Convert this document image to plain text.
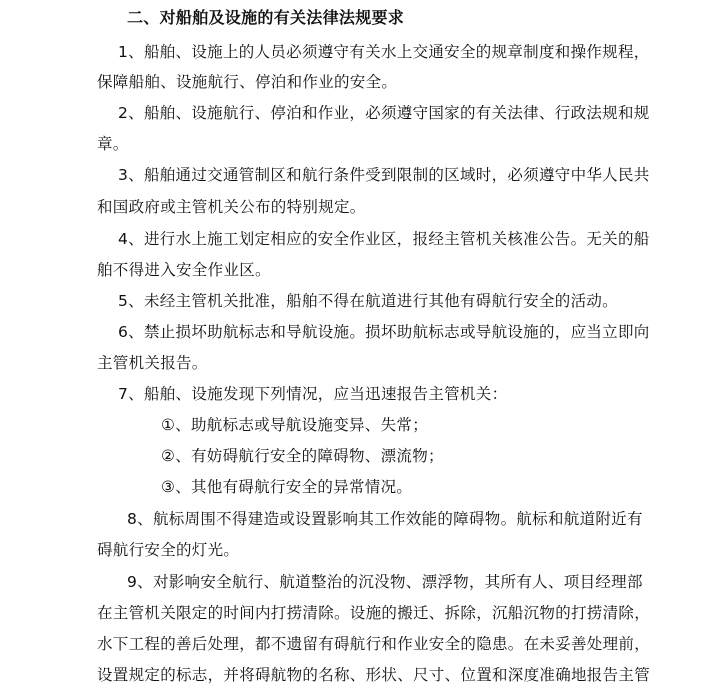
二、对船舶及设施的有关法律法规要求
1、船舶、设施上的人员必须遵守有关水上交通安全的规章制度和操作规程，
保障船舶、设施航行、停泊和作业的安全。
2、船舶、设施航行、停泊和作业，必须遵守国家的有关法律、行政法规和规
章。
3、船舶通过交通管制区和航行条件受到限制的区域时，必须遵守中华人民共
和国政府或主管机关公布的特别规定。
4、进行水上施工划定相应的安全作业区，报经主管机关核准公告。无关的船
舶不得进入安全作业区。
5、未经主管机关批准，船舶不得在航道进行其他有碍航行安全的活动。
6、禁止损坏助航标志和导航设施。损坏助航标志或导航设施的，应当立即向
主管机关报告。
7、船舶、设施发现下列情况，应当迅速报告主管机关：
①、助航标志或导航设施变异、失常；
②、有妨碍航行安全的障碍物、漂流物；
③、其他有碍航行安全的异常情况。
8、航标周围不得建造或设置影响其工作效能的障碍物。航标和航道附近有
碍航行安全的灯光。
9、对影响安全航行、航道整治的沉没物、漂浮物，其所有人、项目经理部
在主管机关限定的时间内打捞清除。设施的搬迁、拆除，沉船沉物的打捞清除，
水下工程的善后处理，都不遗留有碍航行和作业安全的隐患。在未妥善处理前，
设置规定的标志，并将碍航物的名称、形状、尺寸、位置和深度准确地报告主管
